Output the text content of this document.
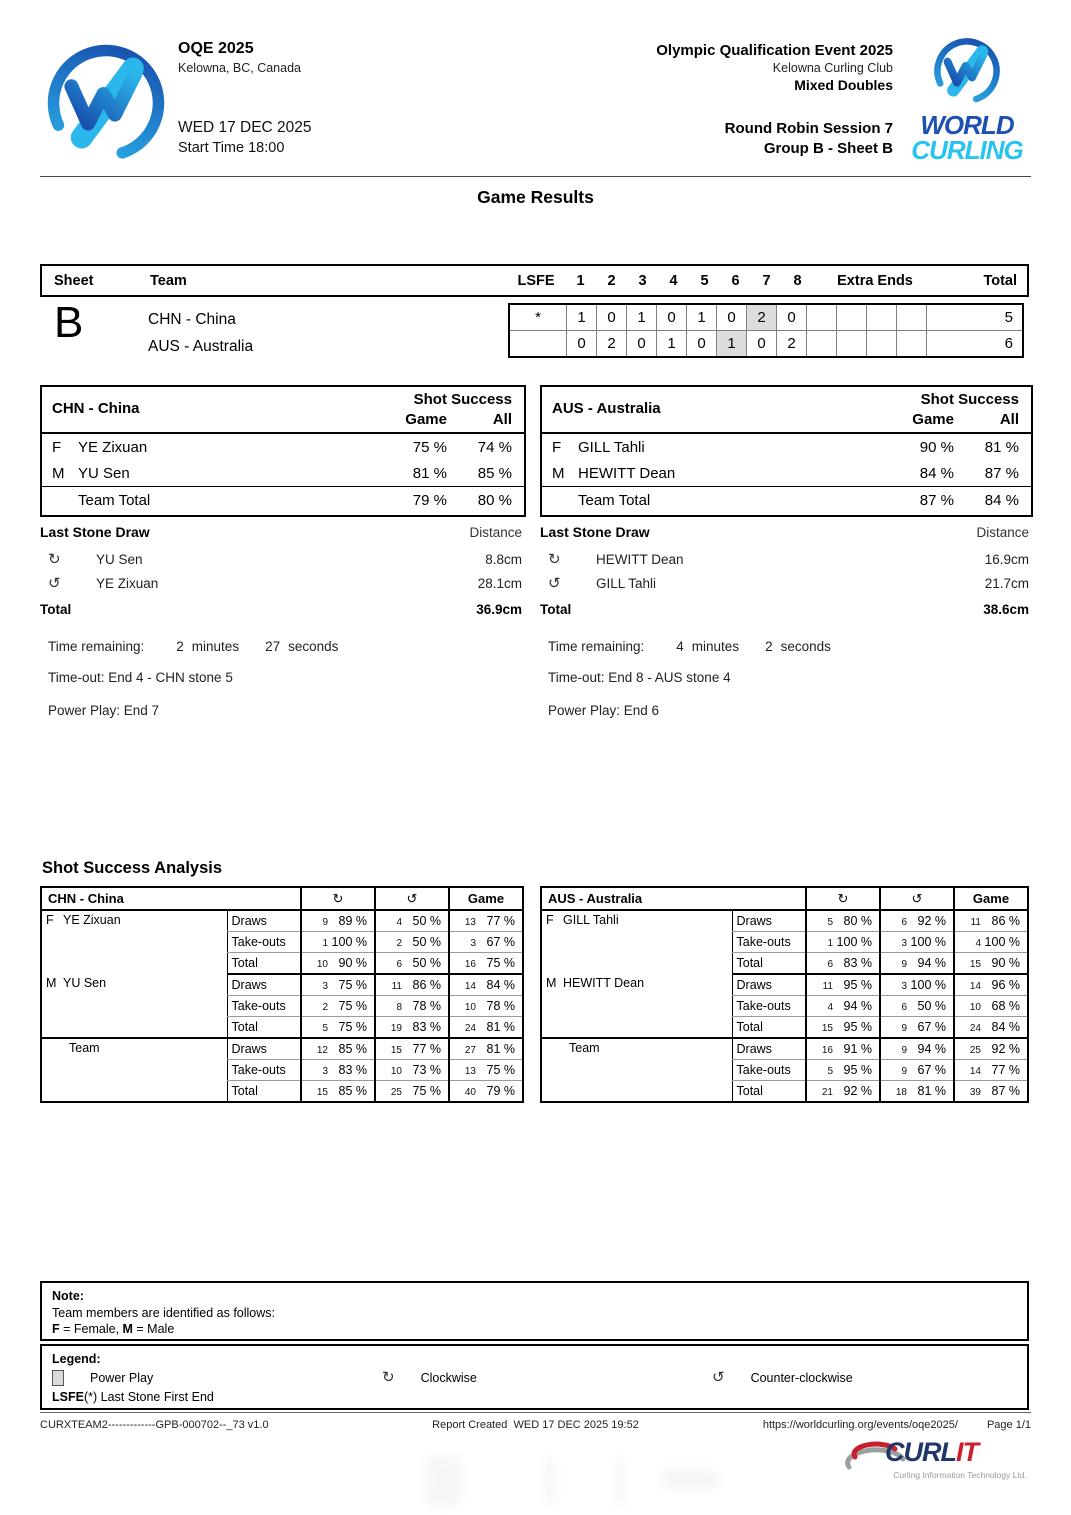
OQE 2025
Kelowna, BC, Canada
WED 17 DEC 2025
Start Time 18:00
Olympic Qualification Event 2025
Kelowna Curling Club
Mixed Doubles
Round Robin Session 7
Group B - Sheet B
WORLD
CURLING
Game Results
Sheet	Team	LSFE	1	2	3	4	5	6	7	8	Extra Ends	Total
B	CHN - China
AUS - Australia
*	1	0	1	0	1	0	2	0					5
	0	2	0	1	0	1	0	2					6
CHN - China
Shot Success
Game	All
F	YE Zixuan	75 %	74 %
M YU Sen	81 %	85 %
Team Total	79 %	80 %
AUS - Australia
Shot Success
Game	All
F	GILL Tahli	90 %	81 %
M HEWITT Dean	84 %	87 %
Team Total	87 %	84 %
Last Stone Draw	Distance
↻	YU Sen	8.8cm
↺	YE Zixuan	28.1cm
Total	36.9cm
Last Stone Draw	Distance
↻	HEWITT Dean	16.9cm
↺	GILL Tahli	21.7cm
Total	38.6cm
Time remaining: 2 minutes 27 seconds	Time remaining: 4 minutes 2 seconds
Time-out: End 4 - CHN stone 5	Time-out: End 8 - AUS stone 4
Power Play: End 7	Power Play: End 6
Shot Success Analysis
CHN - China		↻	↺	Game
F YE Zixuan	Draws	9 89 %	4 50 %	13 77 %

	Take-outs	1 100 %	2 50 %	3 67 %

	Total	10 90 %	6 50 %	16 75 %

M YU Sen	Draws	3 75 %	11 86 %	14 84 %

	Take-outs	2 75 %	8 78 %	10 78 %

	Total	5 75 %	19 83 %	24 81 %

Team	Draws	12 85 %	15 77 %	27 81 %

	Take-outs	3 83 %	10 73 %	13 75 %

	Total	15 85 %	25 75 %	40 79 %
AUS - Australia		↻	↺	Game
F GILL Tahli	Draws	5 80 %	6 92 %	11 86 %

	Take-outs	1 100 %	3 100 %	4 100 %

	Total	6 83 %	9 94 %	15 90 %

M HEWITT Dean	Draws	11 95 %	3 100 %	14 96 %

	Take-outs	4 94 %	6 50 %	10 68 %

	Total	15 95 %	9 67 %	24 84 %

Team	Draws	16 91 %	9 94 %	25 92 %

	Take-outs	5 95 %	9 67 %	14 77 %

	Total	21 92 %	18 81 %	39 87 %
Note:
Team members are identified as follows:
F = Female, M = Male
Legend:
Power Play	↻ Clockwise	↺ Counter-clockwise
LSFE(*) Last Stone First End
CURXTEAM2-------------GPB-000702--_73 v1.0	Report Created WED 17 DEC 2025 19:52	https://worldcurling.org/events/oqe2025/	Page 1/1
CURLIT
Curling Information Technology Ltd.
